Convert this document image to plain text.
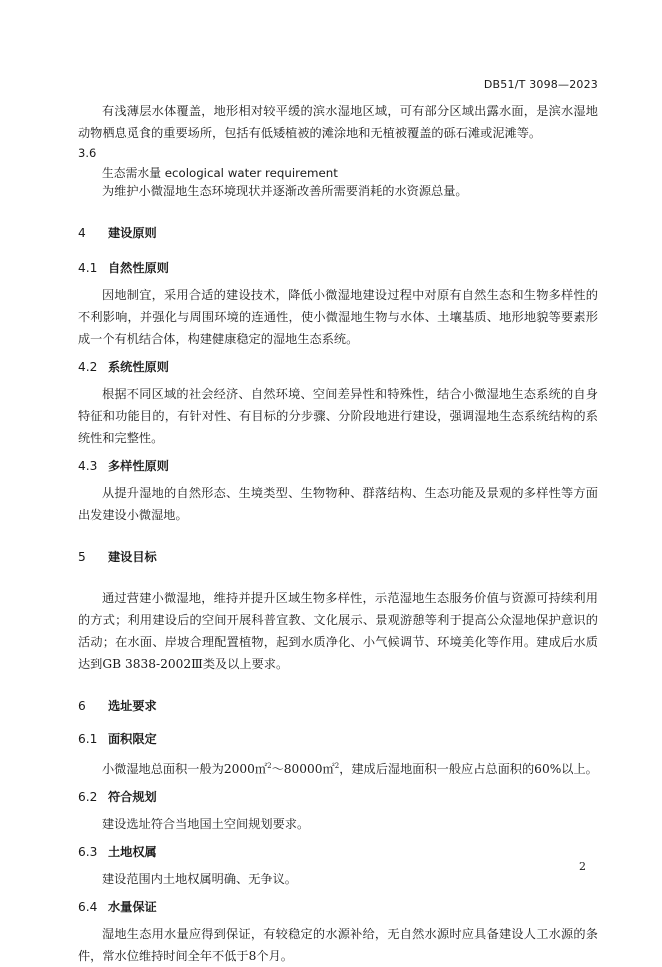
DB51/T 3098—2023

有浅薄层水体覆盖，地形相对较平缓的滨水湿地区域，可有部分区域出露水面，是滨水湿地动物栖息觅食的重要场所，包括有低矮植被的滩涂地和无植被覆盖的砾石滩或泥滩等。

3.6

生态需水量 ecological water requirement

为维护小微湿地生态环境现状并逐渐改善所需要消耗的水资源总量。

4 建设原则

4.1 自然性原则

因地制宜，采用合适的建设技术，降低小微湿地建设过程中对原有自然生态和生物多样性的不利影响，并强化与周围环境的连通性，使小微湿地生物与水体、土壤基质、地形地貌等要素形成一个有机结合体，构建健康稳定的湿地生态系统。

4.2 系统性原则

根据不同区域的社会经济、自然环境、空间差异性和特殊性，结合小微湿地生态系统的自身特征和功能目的，有针对性、有目标的分步骤、分阶段地进行建设，强调湿地生态系统结构的系统性和完整性。

4.3 多样性原则

从提升湿地的自然形态、生境类型、生物物种、群落结构、生态功能及景观的多样性等方面出发建设小微湿地。

5 建设目标

通过营建小微湿地，维持并提升区域生物多样性，示范湿地生态服务价值与资源可持续利用的方式；利用建设后的空间开展科普宣教、文化展示、景观游憩等利于提高公众湿地保护意识的活动；在水面、岸坡合理配置植物，起到水质净化、小气候调节、环境美化等作用。建成后水质达到GB 3838-2002Ⅲ类及以上要求。

6 选址要求

6.1 面积限定

小微湿地总面积一般为2000㎡$^2$～80000㎡$^2$，建成后湿地面积一般应占总面积的60%以上。

6.2 符合规划

建设选址符合当地国土空间规划要求。

6.3 土地权属

建设范围内土地权属明确、无争议。

6.4 水量保证

湿地生态用水量应得到保证，有较稳定的水源补给，无自然水源时应具备建设人工水源的条件，常水位维持时间全年不低于8个月。

2
